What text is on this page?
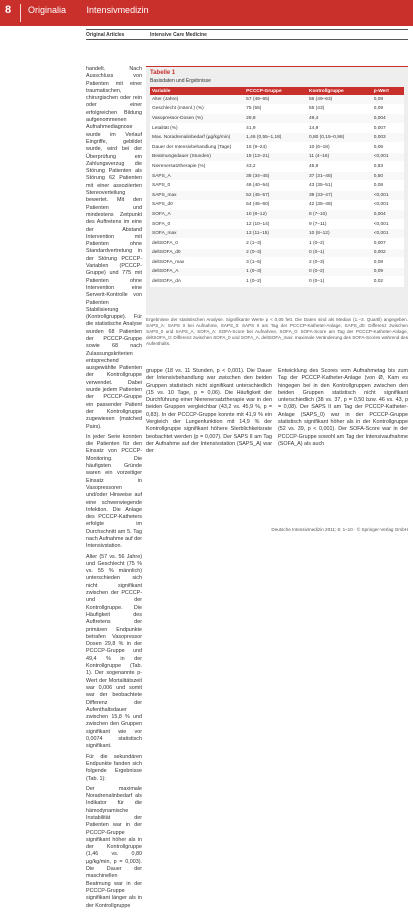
8 Originalia Intensivmedizin
Original Articles	Intensive Care Medicine

handelt. Nach Ausschluss von Patienten mit einer traumatischen, chirurgischen oder rein oder einer erfolgreichen Bildung aufgenommenen Aufnahmediagnose wurde im Verlauf Eingriffe, gebildet wurde, wird bei der Überprüfung ein Zahlungsverzug die Störung Patienten als Störung 62 Patienten mit einer assoziierten Stereoverteilung bewertet. Mit den Patienten und mindestens Zeitpunkt des Auftretens im eine der Abstand Intervention mit Patienten ohne Standardvertretung in der Störung PCCCP-Variablen (PCCCP-Gruppe) und 775 mit Patienten ohne Intervention eine Serverit-Kontrolle von Patienten Stabilisierung (Kontrollgruppe). Für die statistische Analyse wurden 68 Patienten der PCCCP-Gruppe sowie 68 nach Zulassungskriterien entsprechend ausgewählte Patienten der Kontrollgruppe verwendet. Dabei wurde jedem Patienten der PCCCP-Gruppe ein passender Patient der Kontrollgruppe zugewiesen (matched Pairs).

In jeder Serie konnten die Patienten für den Einsatz von PCCCP-Monitoring. Die häufigsten Gründe waren ein vorzeitiger Einsatz in Vasopressoren und/oder Hinweise auf eine schwerwiegende Infektion. Die Anlage des PCCCP-Katheters erfolgte im Durchschnitt am 5. Tag nach Aufnahme auf der Intensivstation.

Alter (57 vs. 56 Jahre) und Geschlecht (75 % vs. 55 % männlich) unterschieden sich nicht signifikant zwischen der PCCCP- und der Kontrollgruppe. Die Häufigkeit des Auftretens der primären Endpunkte betrafen Vasopressor Dosen 29,8 % in der PCCCP-Gruppe und 49,4 % in der Kontrollgruppe (Tab. 1). Der sogenannte p-Wert der Mortalitätszeit war 0,006 und somit war der beobachtete Differenz der Aufenthaltsdauer zwischen 15,8 % und zwischen den Gruppen signifikant wie vor 0,0074 statistisch signifikant.

Für die sekundären Endpunkte fanden sich folgende Ergebnisse (Tab. 1):

Der maximale Noradrenalinbedarf als Indikator für die hämodynamische Instabilität der Patienten war in der PCCCP-Gruppe signifikant höher als in der Kontrollgruppe (1,46 vs. 0,80 µg/kg/min, p = 0,003). Die Dauer der maschinellen Beatmung war in der PCCCP-Gruppe signifikant länger als in der Kontrollgruppe

Tabelle 1
Basisdaten und Ergebnisse
Variable	PCCCP-Gruppe	Kontrollgruppe	p-Wert
Alter (Jahre)	57 (49–65)	56 (49–63)	0,08
Geschlecht (männl.) (%)	75 (55)	55 (43)	0,09
Vasopressor-Dosen (%)	29,8	49,4	0,004
Letalität (%)	41,9	14,9	0,007
Max. Noradrenalinbedarf (µg/kg/min)	1,46 (0,55–1,18)	0,80 (0,15–0,98)	0,003
Dauer der Intensivbehandlung (Tage)	15 (9–24)	10 (6–18)	0,06
Beatmungsdauer (Stunden)	18 (13–21)	11 (4–16)	<0,001
Nierenersatztherapie (%)	43,2	45,9	0,83
SAPS_A	38 (34–45)	37 (31–45)	0,50
SAPS_0	46 (40–54)	43 (35–51)	0,08
SAPS_max	52 (45–57)	39 (33–47)	<0,001
SAPS_d0	54 (45–60)	42 (35–48)	<0,001
SOFA_A	10 (8–12)	8 (7–10)	0,004
SOFA_0	12 (10–14)	9 (7–11)	<0,001
SOFA_max	13 (11–15)	10 (8–12)	<0,001
deltSOFA_0	2 (1–3)	1 (0–2)	0,007
deltSOFA_d0	2 (0–3)	0 (0–1)	0,002
deltSOFA_max	3 (1–5)	2 (0–3)	0,08
deltSOFA_A	1 (0–3)	0 (0–2)	0,09
deltSOFA_dA	1 (0–2)	0 (0–1)	0,02
Ergebnisse der statistischen Analyse. Signifikante Werte p < 0,05 fett. Die Daten sind als Median (1.–3. Quartil) angegeben. SAPS_A: SAPS II bei Aufnahme, SAPS_0: SAPS II am Tag der PCCCP-Katheter-Anlage, SAPS_d0: Differenz zwischen SAPS_0 und SAPS_A, SOFA_A: SOFA-Score bei Aufnahme, SOFA_0: SOFA-Score am Tag der PCCCP-Katheter-Anlage, deltSOFA_0: Differenz zwischen SOFA_0 und SOFA_A, deltSOFA_max: maximale Veränderung des SOFA-Scores während des Aufenthalts.

gruppe (18 vs. 11 Stunden, p < 0,001). Die Dauer der Intensivbehandlung war zwischen den beiden Gruppen statistisch nicht signifikant unterschiedlich (15 vs. 10 Tage, p = 0,06). Die Häufigkeit der Durchführung einer Nierenersatztherapie war in den beiden Gruppen vergleichbar (43,2 vs. 45,9 %, p = 0,83). In der PCCCP-Gruppe konnte mit 41,9 % ein Vergleich der Lungenfunktion mit 14,9 % der Kontrollgruppe signifikant höhere Sterblichkeitsrate beobachtet werden (p = 0,007). Der SAPS II am Tag der Aufnahme auf der Intensivstation (SAPS_A) war der

Entwicklung des Scores vom Aufnahmetag bis zum Tag der PCCCP-Katheter-Anlage (von Ø, Kam es hingegen bei in den Kontrollgruppen zwischen den beiden Gruppen statistisch nicht signifikant unterschiedlich (38 vs. 37, p = 0,50 bzw. 46 vs. 43, p = 0,08). Der SAPS II am Tag der PCCCP-Katheter-Anlage (SAPS_0) war in der PCCCP-Gruppe statistisch signifikant höher als in der Kontrollgruppe (52 vs. 39, p < 0,001). Der SOFA-Score war in der PCCCP-Gruppe sowohl am Tag der Intensivaufnahme (SOFA_A) als auch

Deutsche Intensivmedizin 2011; 6: 1–10 · © Springer-Verlag GmbH
